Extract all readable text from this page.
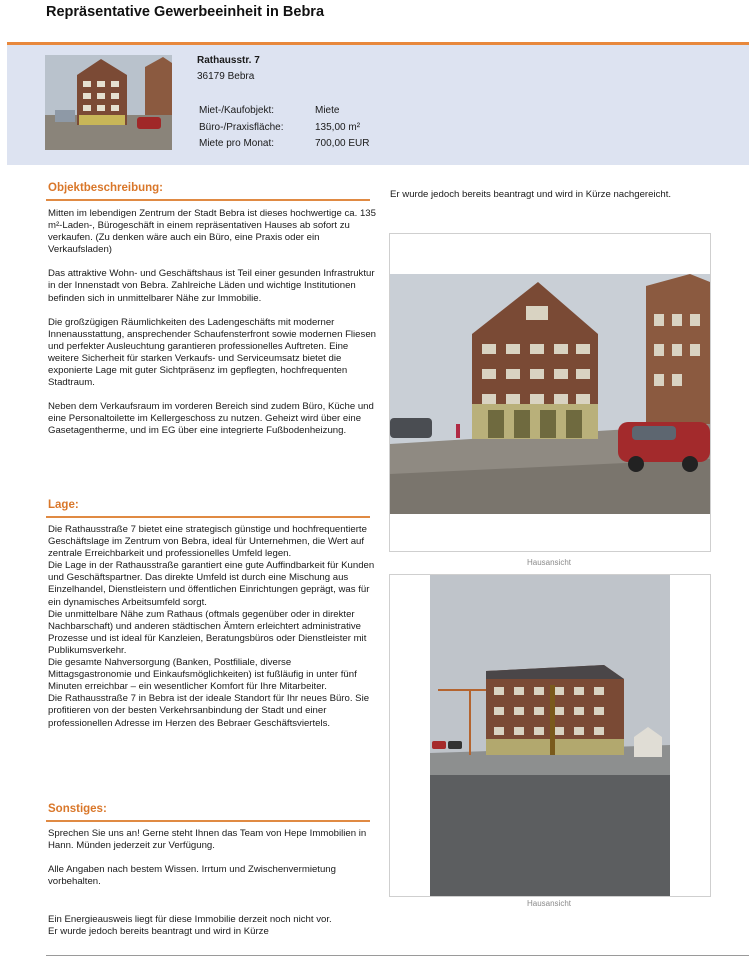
Repräsentative Gewerbeeinheit in Bebra
Rathausstr. 7
36179 Bebra
Miet-/Kaufobjekt:	Miete
Büro-/Praxisfläche:	135,00 m²
Miete pro Monat:	700,00 EUR
Objektbeschreibung:

Mitten im lebendigen Zentrum der Stadt Bebra ist dieses hochwertige ca. 135 m²-Laden-, Bürogeschäft in einem repräsentativen Hauses ab sofort zu verkaufen. (Zu denken wäre auch ein Büro, eine Praxis oder ein Verkaufsladen)

Das attraktive Wohn- und Geschäftshaus ist Teil einer gesunden Infrastruktur in der Innenstadt von Bebra. Zahlreiche Läden und wichtige Institutionen befinden sich in unmittelbarer Nähe zur Immobilie.

Die großzügigen Räumlichkeiten des Ladengeschäfts mit moderner Innenausstattung, ansprechender Schaufensterfront sowie modernen Fliesen und perfekter Ausleuchtung garantieren professionelles Auftreten. Eine weitere Sicherheit für starken Verkaufs- und Serviceumsatz bietet die exponierte Lage mit guter Sichtpräsenz im gepflegten, hochfrequenten Stadtraum.

Neben dem Verkaufsraum im vorderen Bereich sind zudem Büro, Küche und eine Personaltoilette im Kellergeschoss zu nutzen. Geheizt wird über eine Gasetagentherme, und im EG über eine integrierte Fußbodenheizung.

Lage:

Die Rathausstraße 7 bietet eine strategisch günstige und hochfrequentierte Geschäftslage im Zentrum von Bebra, ideal für Unternehmen, die Wert auf zentrale Erreichbarkeit und professionelles Umfeld legen.

Die Lage in der Rathausstraße garantiert eine gute Auffindbarkeit für Kunden und Geschäftspartner. Das direkte Umfeld ist durch eine Mischung aus Einzelhandel, Dienstleistern und öffentlichen Einrichtungen geprägt, was für ein dynamisches Arbeitsumfeld sorgt.

Die unmittelbare Nähe zum Rathaus (oftmals gegenüber oder in direkter Nachbarschaft) und anderen städtischen Ämtern erleichtert administrative Prozesse und ist ideal für Kanzleien, Beratungsbüros oder Dienstleister mit Publikumsverkehr.

Die gesamte Nahversorgung (Banken, Postfiliale, diverse Mittagsgastronomie und Einkaufsmöglichkeiten) ist fußläufig in unter fünf Minuten erreichbar – ein wesentlicher Komfort für Ihre Mitarbeiter.

Die Rathausstraße 7 in Bebra ist der ideale Standort für Ihr neues Büro. Sie profitieren von der besten Verkehrsanbindung der Stadt und einer professionellen Adresse im Herzen des Bebraer Geschäftsviertels.

Sonstiges:

Sprechen Sie uns an! Gerne steht Ihnen das Team von Hepe Immobilien in Hann. Münden jederzeit zur Verfügung.

Alle Angaben nach bestem Wissen. Irrtum und Zwischenvermietung vorbehalten.

Ein Energieausweis liegt für diese Immobilie derzeit noch nicht vor.

Er wurde jedoch bereits beantragt und wird in Kürze

Er wurde jedoch bereits beantragt und wird in Kürze nachgereicht.
Hausansicht
Hausansicht
